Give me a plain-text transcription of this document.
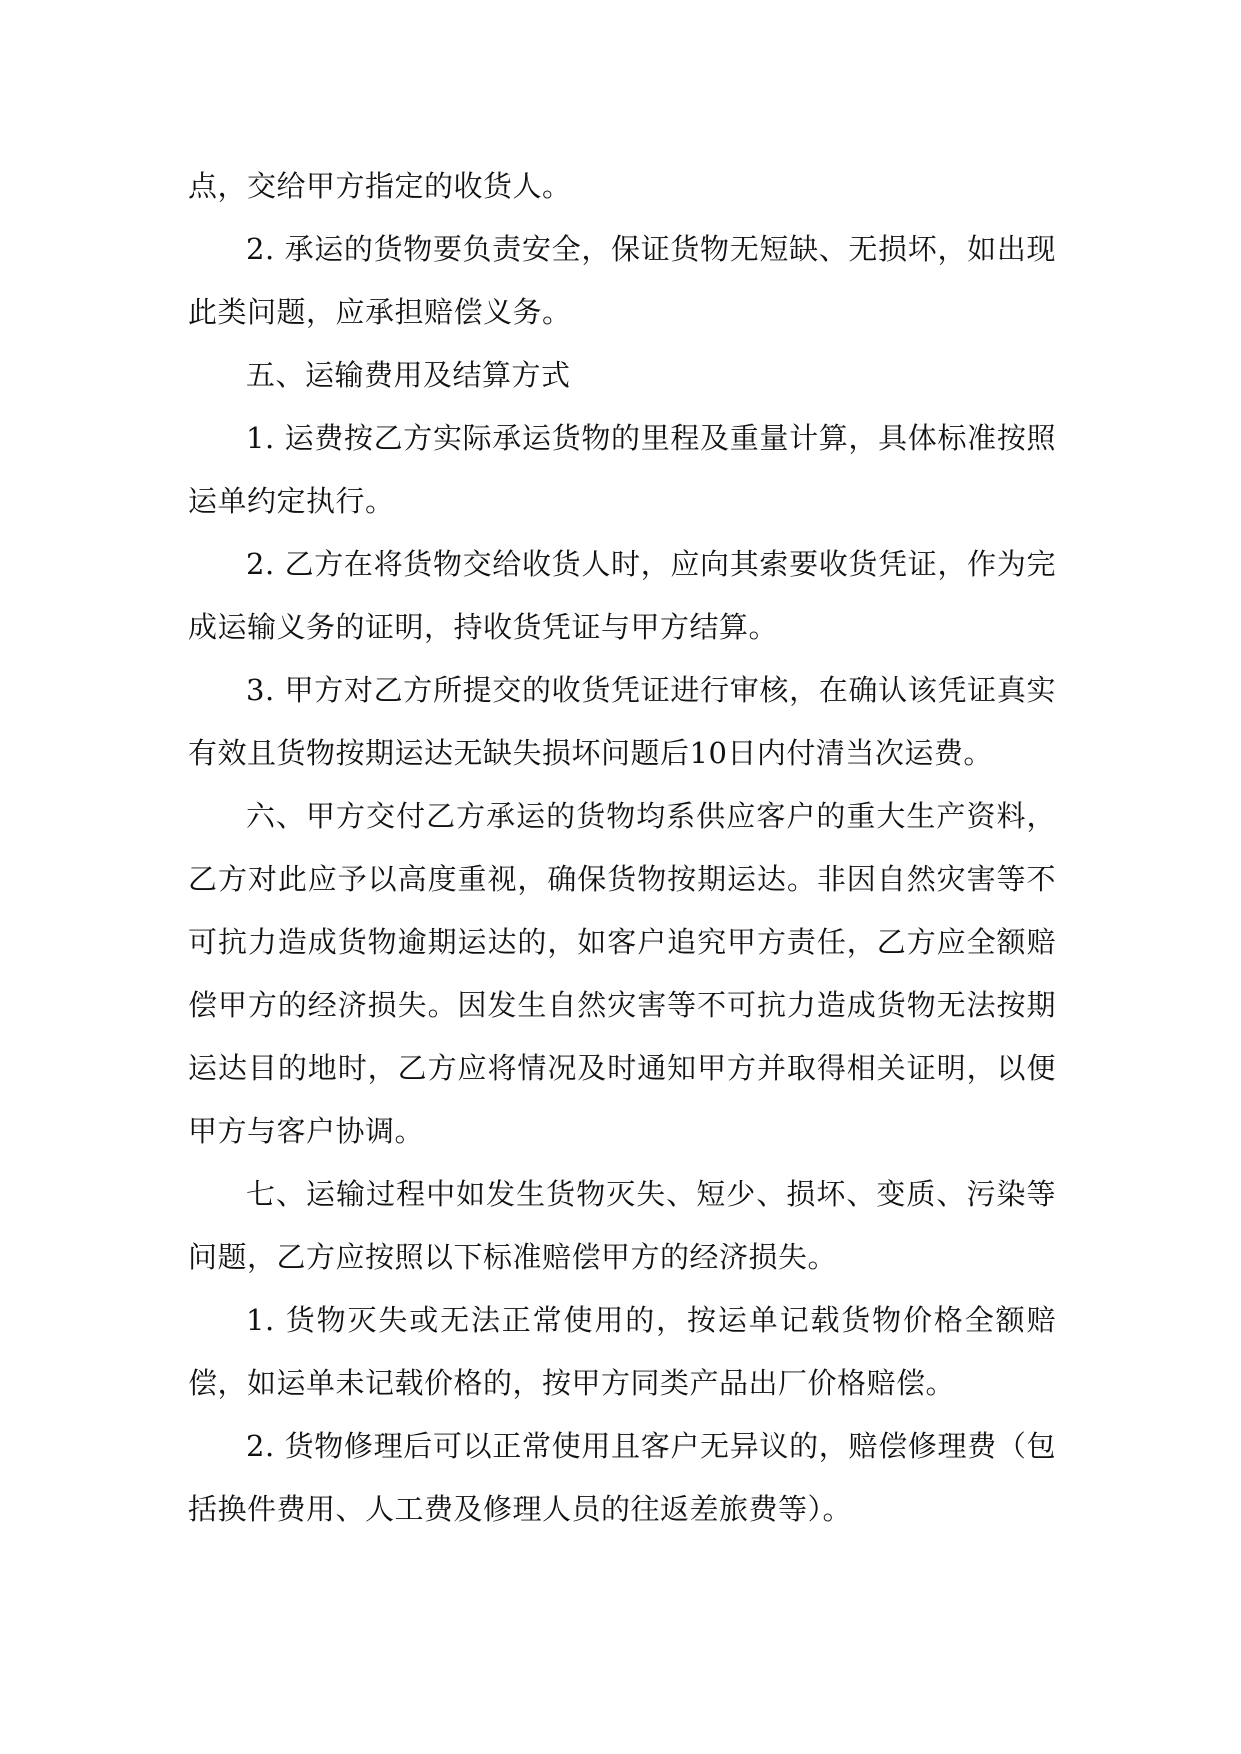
点，交给甲方指定的收货人。

2. 承运的货物要负责安全，保证货物无短缺、无损坏，如出现此类问题，应承担赔偿义务。

五、运输费用及结算方式

1. 运费按乙方实际承运货物的里程及重量计算，具体标准按照运单约定执行。

2. 乙方在将货物交给收货人时，应向其索要收货凭证，作为完成运输义务的证明，持收货凭证与甲方结算。

3. 甲方对乙方所提交的收货凭证进行审核，在确认该凭证真实有效且货物按期运达无缺失损坏问题后10日内付清当次运费。

六、甲方交付乙方承运的货物均系供应客户的重大生产资料，乙方对此应予以高度重视，确保货物按期运达。非因自然灾害等不可抗力造成货物逾期运达的，如客户追究甲方责任，乙方应全额赔偿甲方的经济损失。因发生自然灾害等不可抗力造成货物无法按期运达目的地时，乙方应将情况及时通知甲方并取得相关证明，以便甲方与客户协调。

七、运输过程中如发生货物灭失、短少、损坏、变质、污染等问题，乙方应按照以下标准赔偿甲方的经济损失。

1. 货物灭失或无法正常使用的，按运单记载货物价格全额赔偿，如运单未记载价格的，按甲方同类产品出厂价格赔偿。

2. 货物修理后可以正常使用且客户无异议的，赔偿修理费（包括换件费用、人工费及修理人员的往返差旅费等）。
